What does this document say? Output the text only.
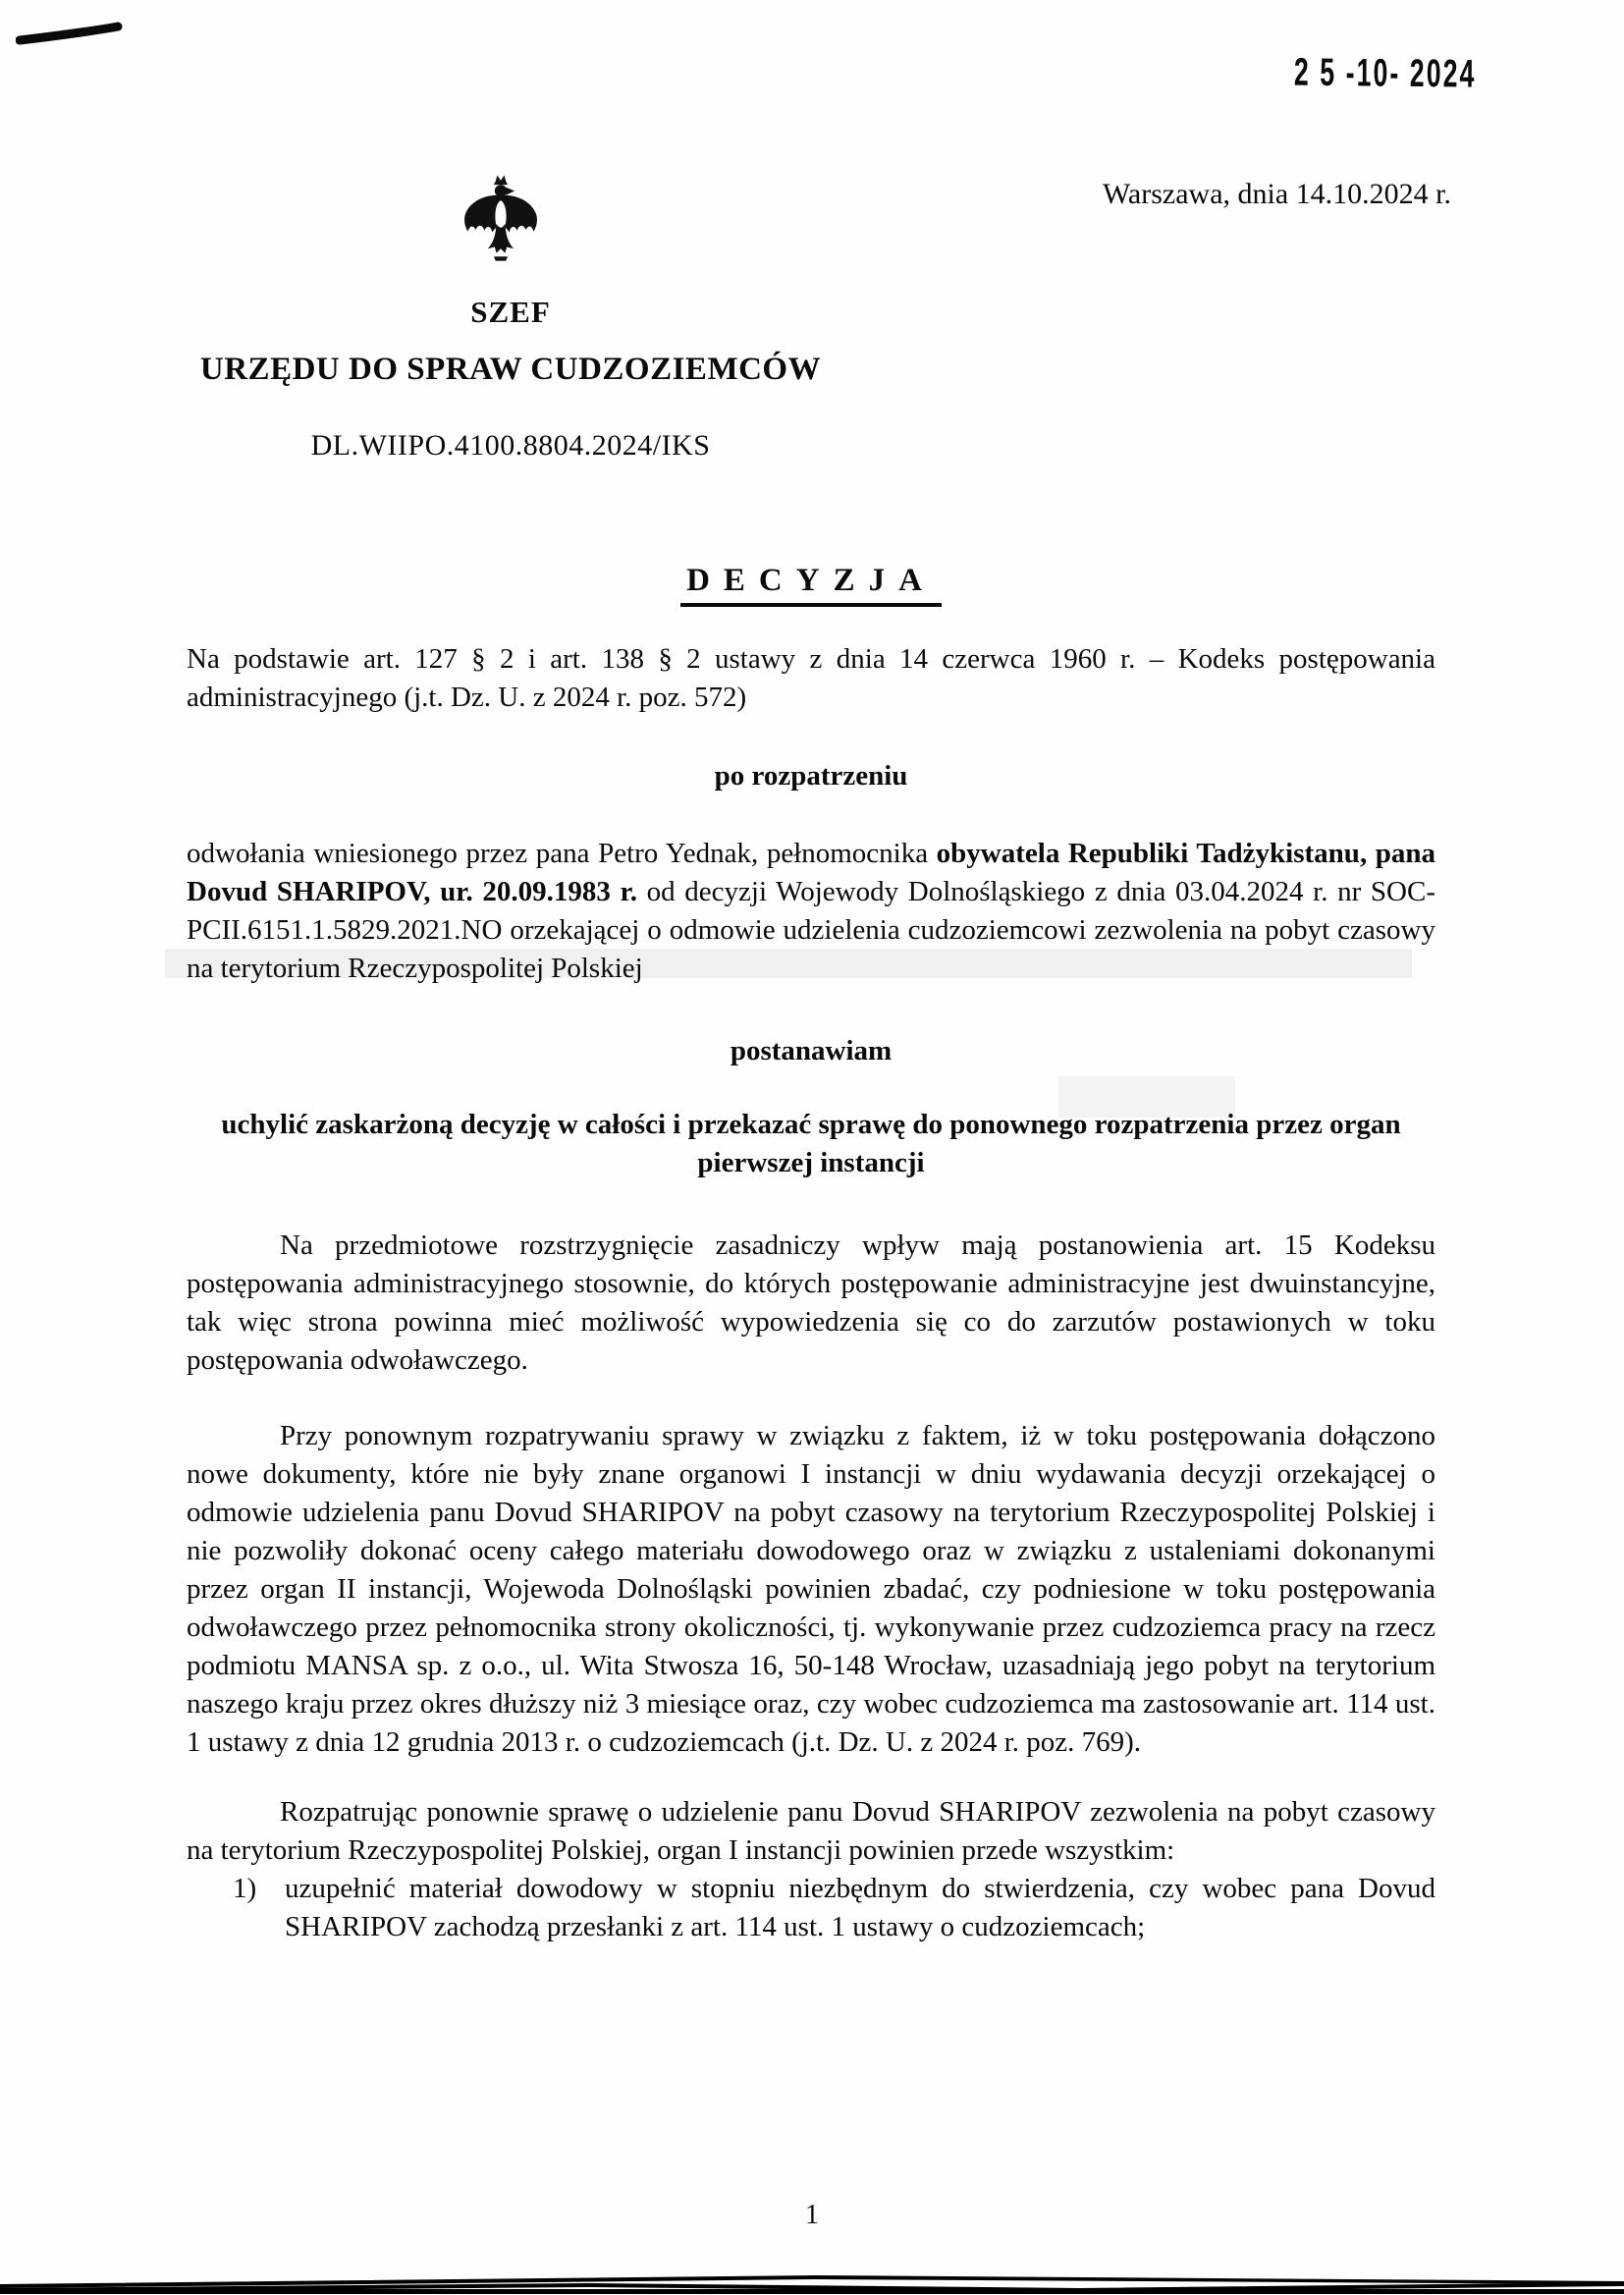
2 5 -10- 2024
Warszawa, dnia 14.10.2024 r.

SZEF

URZĘDU DO SPRAW CUDZOZIEMCÓW

DL.WIIPO.4100.8804.2024/IKS

DECYZJA

Na podstawie art. 127 § 2 i art. 138 § 2 ustawy z dnia 14 czerwca 1960 r. – Kodeks postępowania administracyjnego (j.t. Dz. U. z 2024 r. poz. 572)

po rozpatrzeniu

odwołania wniesionego przez pana Petro Yednak, pełnomocnika obywatela Republiki Tadżykistanu, pana Dovud SHARIPOV, ur. 20.09.1983 r. od decyzji Wojewody Dolnośląskiego z dnia 03.04.2024 r. nr SOC-PCII.6151.1.5829.2021.NO orzekającej o odmowie udzielenia cudzoziemcowi zezwolenia na pobyt czasowy na terytorium Rzeczypospolitej Polskiej

postanawiam

uchylić zaskarżoną decyzję w całości i przekazać sprawę do ponownego rozpatrzenia przez organ pierwszej instancji

Na przedmiotowe rozstrzygnięcie zasadniczy wpływ mają postanowienia art. 15 Kodeksu postępowania administracyjnego stosownie, do których postępowanie administracyjne jest dwuinstancyjne, tak więc strona powinna mieć możliwość wypowiedzenia się co do zarzutów postawionych w toku postępowania odwoławczego.

Przy ponownym rozpatrywaniu sprawy w związku z faktem, iż w toku postępowania dołączono nowe dokumenty, które nie były znane organowi I instancji w dniu wydawania decyzji orzekającej o odmowie udzielenia panu Dovud SHARIPOV na pobyt czasowy na terytorium Rzeczypospolitej Polskiej i nie pozwoliły dokonać oceny całego materiału dowodowego oraz w związku z ustaleniami dokonanymi przez organ II instancji, Wojewoda Dolnośląski powinien zbadać, czy podniesione w toku postępowania odwoławczego przez pełnomocnika strony okoliczności, tj. wykonywanie przez cudzoziemca pracy na rzecz podmiotu MANSA sp. z o.o., ul. Wita Stwosza 16, 50-148 Wrocław, uzasadniają jego pobyt na terytorium naszego kraju przez okres dłuższy niż 3 miesiące oraz, czy wobec cudzoziemca ma zastosowanie art. 114 ust. 1 ustawy z dnia 12 grudnia 2013 r. o cudzoziemcach (j.t. Dz. U. z 2024 r. poz. 769).

Rozpatrując ponownie sprawę o udzielenie panu Dovud SHARIPOV zezwolenia na pobyt czasowy na terytorium Rzeczypospolitej Polskiej, organ I instancji powinien przede wszystkim:

1) uzupełnić materiał dowodowy w stopniu niezbędnym do stwierdzenia, czy wobec pana Dovud SHARIPOV zachodzą przesłanki z art. 114 ust. 1 ustawy o cudzoziemcach;
1
